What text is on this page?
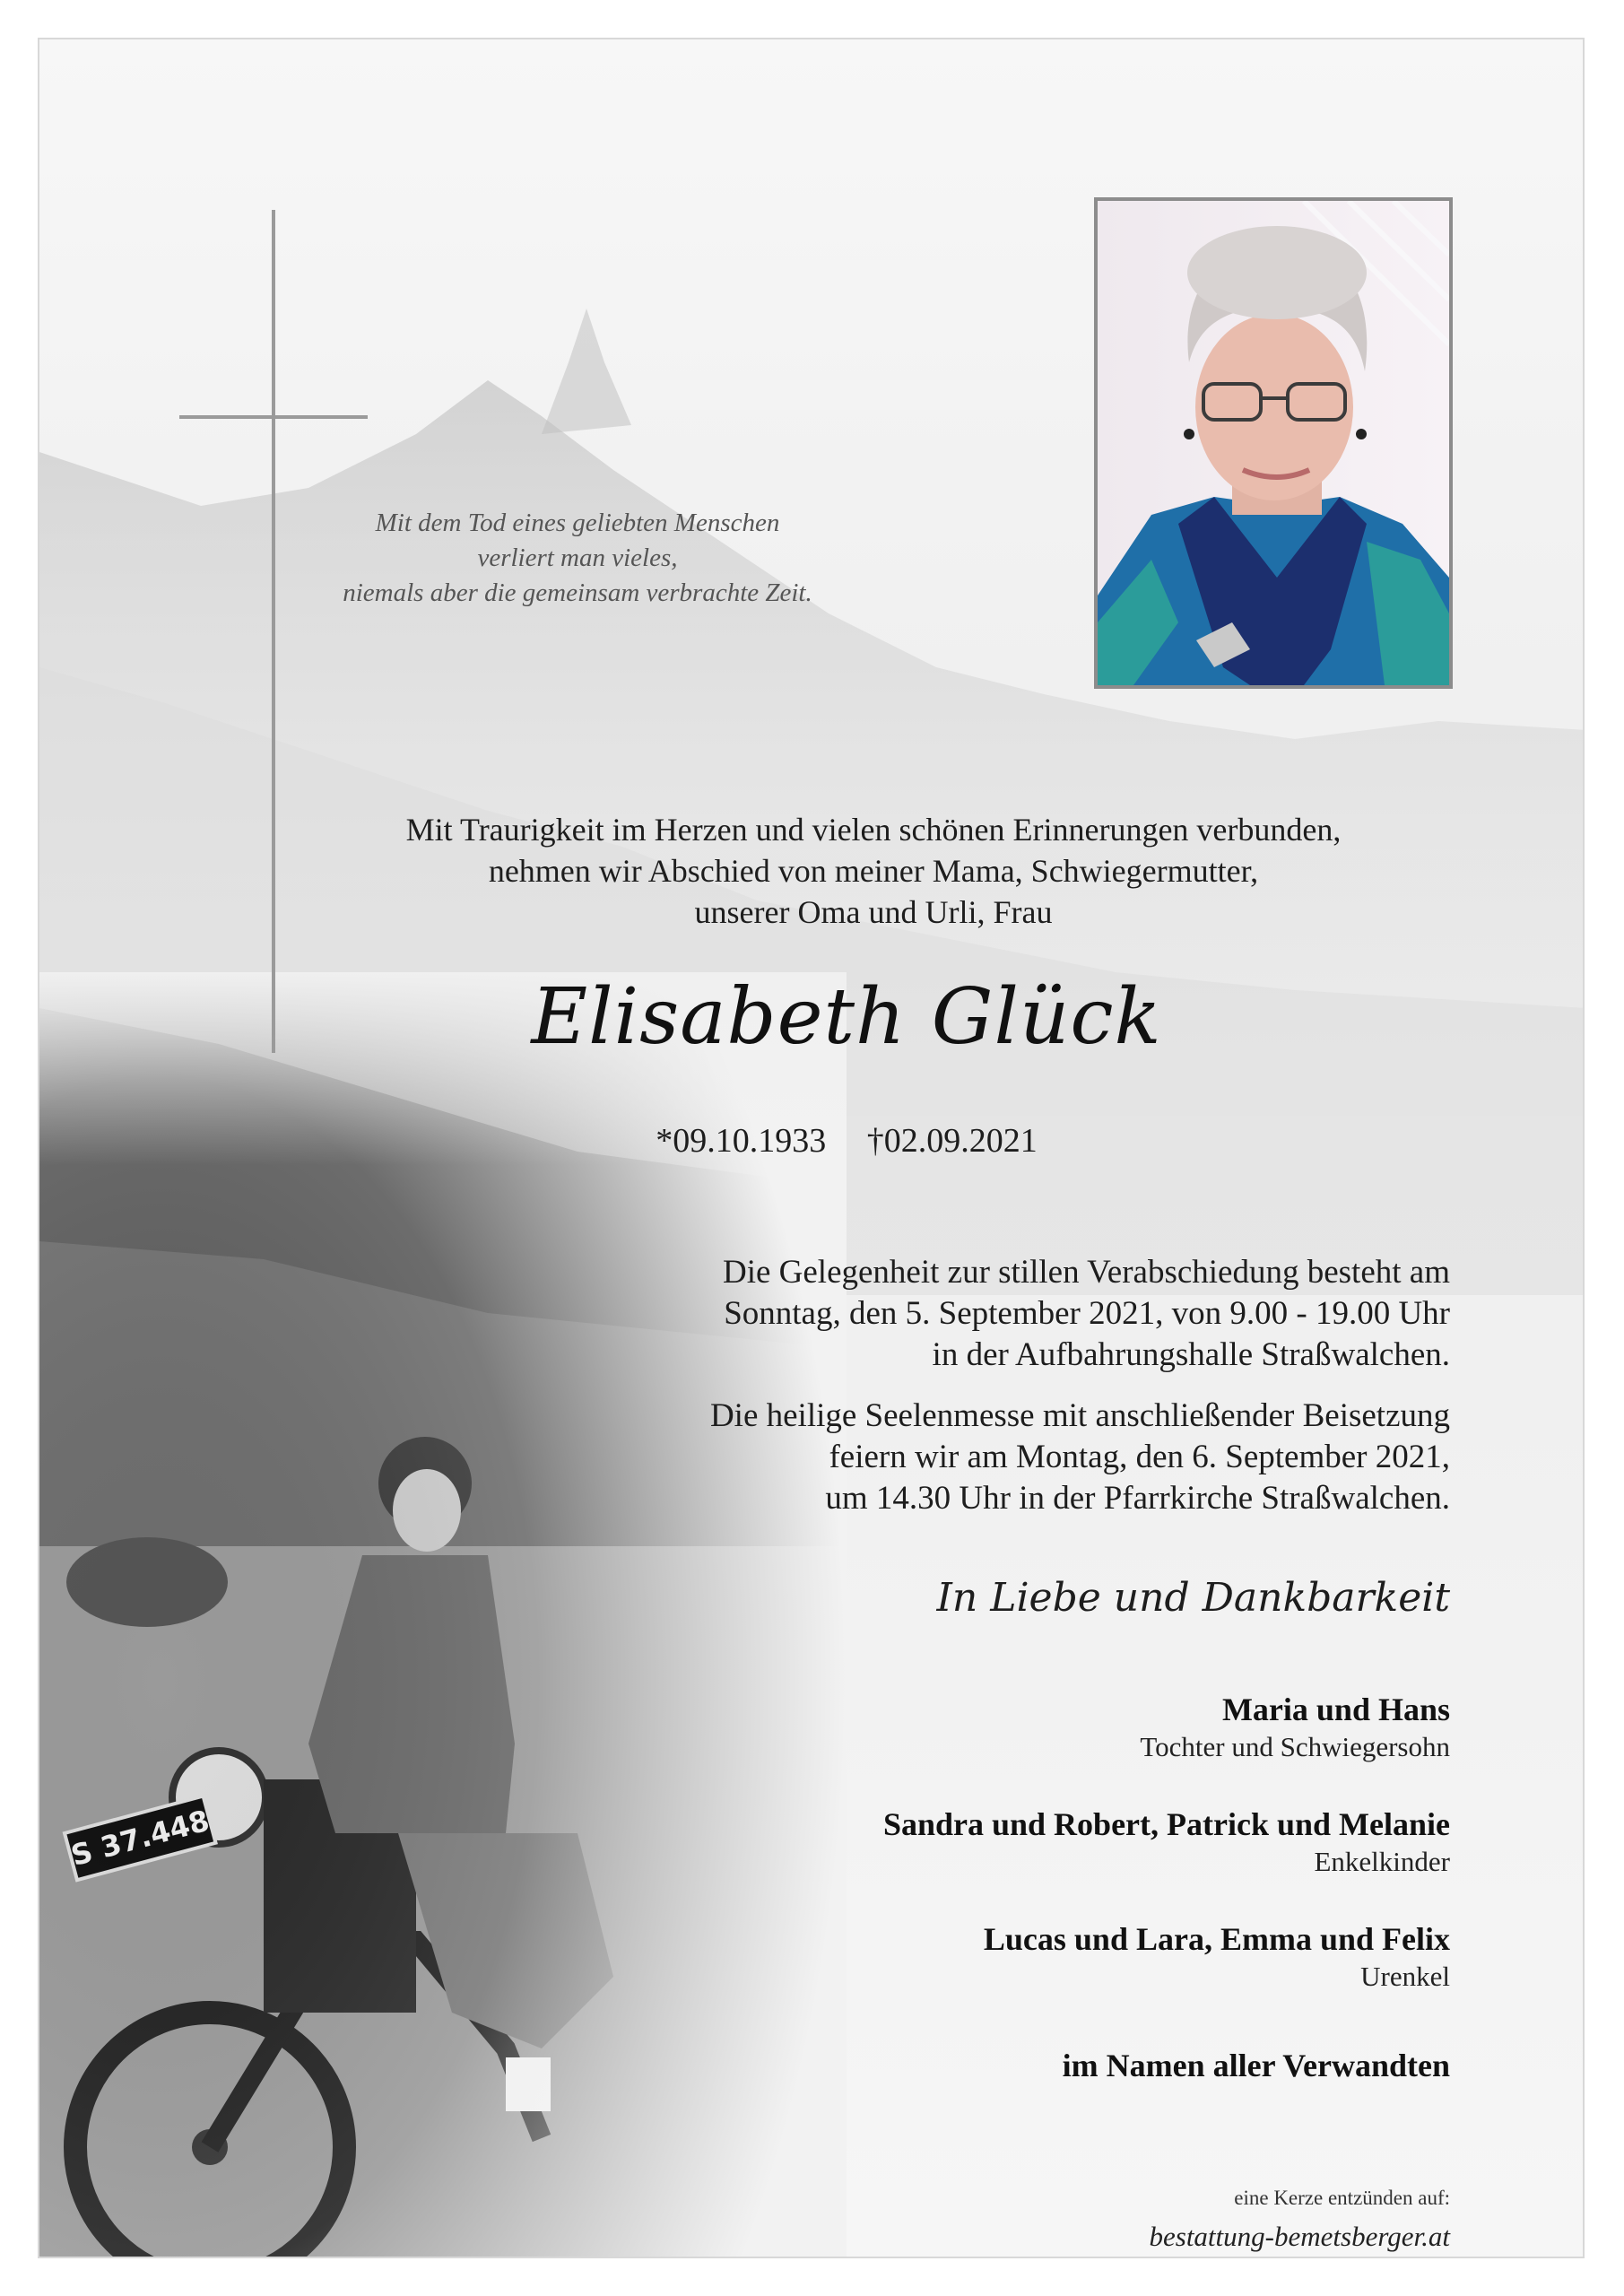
Mit dem Tod eines geliebten Menschen
verliert man vieles,
niemals aber die gemeinsam verbrachte Zeit.
Mit Traurigkeit im Herzen und vielen schönen Erinnerungen verbunden,
nehmen wir Abschied von meiner Mama, Schwiegermutter,
unserer Oma und Urli, Frau
Elisabeth Glück
*09.10.1933 †02.09.2021
Die Gelegenheit zur stillen Verabschiedung besteht am
Sonntag, den 5. September 2021, von 9.00 - 19.00 Uhr
in der Aufbahrungshalle Straßwalchen.
Die heilige Seelenmesse mit anschließender Beisetzung
feiern wir am Montag, den 6. September 2021,
um 14.30 Uhr in der Pfarrkirche Straßwalchen.
In Liebe und Dankbarkeit
Maria und Hans
Tochter und Schwiegersohn
Sandra und Robert, Patrick und Melanie
Enkelkinder
Lucas und Lara, Emma und Felix
Urenkel
im Namen aller Verwandten
eine Kerze entzünden auf:
bestattung-bemetsberger.at
